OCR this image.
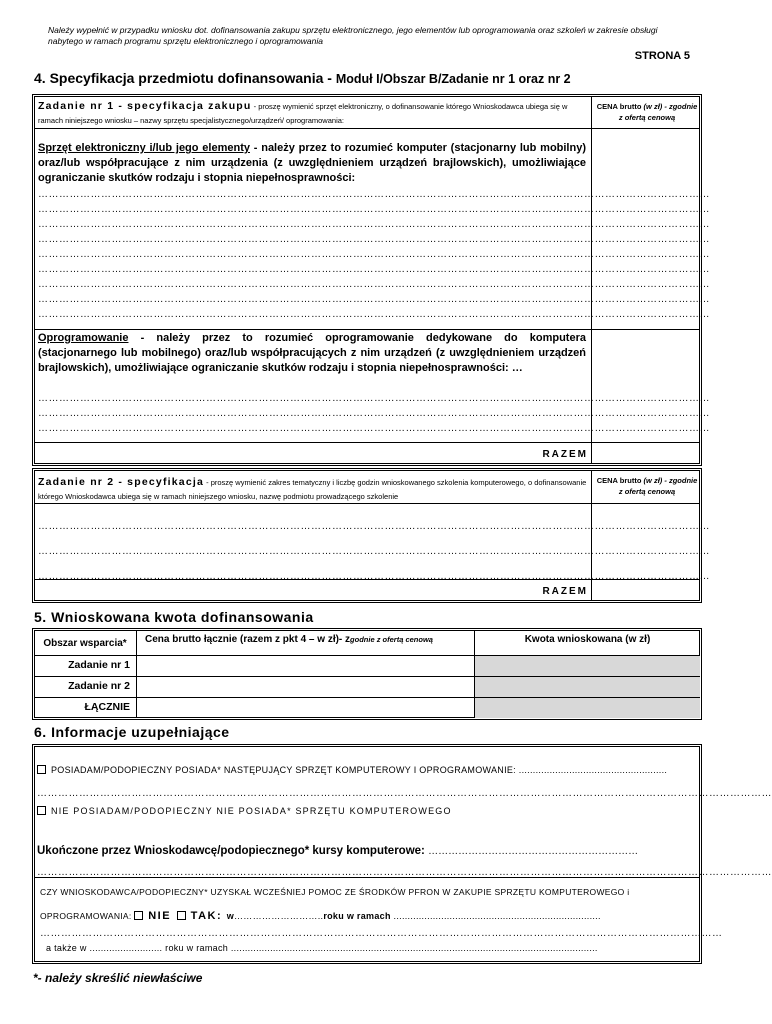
Należy wypełnić w przypadku wniosku dot. dofinansowania zakupu sprzętu elektronicznego, jego elementów lub oprogramowania oraz szkoleń w zakresie obsługi nabytego w ramach programu sprzętu elektronicznego i oprogramowania
STRONA 5
4. Specyfikacja przedmiotu dofinansowania - Moduł I/Obszar B/Zadanie nr 1 oraz nr 2
Zadanie nr 1 - specyfikacja zakupu - proszę wymienić sprzęt elektroniczny, o dofinansowanie którego Wnioskodawca ubiega się w ramach niniejszego wniosku – nazwy sprzętu specjalistycznego/urządzeń/ oprogramowania:
CENA brutto (w zł) - zgodnie z ofertą cenową
Sprzęt elektroniczny i/lub jego elementy - należy przez to rozumieć komputer (stacjonarny lub mobilny) oraz/lub współpracujące z nim urządzenia (z uwzględnieniem urządzeń brajlowskich), umożliwiające ograniczanie skutków rodzaju i stopnia niepełnosprawności:
…………………………………………………………………………………………………………………………………………………………………………
…………………………………………………………………………………………………………………………………………………………………………
…………………………………………………………………………………………………………………………………………………………………………
…………………………………………………………………………………………………………………………………………………………………………
…………………………………………………………………………………………………………………………………………………………………………
…………………………………………………………………………………………………………………………………………………………………………
…………………………………………………………………………………………………………………………………………………………………………
…………………………………………………………………………………………………………………………………………………………………………
…………………………………………………………………………………………………………………………………………………………………………
Oprogramowanie - należy przez to rozumieć oprogramowanie dedykowane do komputera (stacjonarnego lub mobilnego) oraz/lub współpracujących z nim urządzeń (z uwzględnieniem urządzeń brajlowskich), umożliwiające ograniczanie skutków rodzaju i stopnia niepełnosprawności: …
…………………………………………………………………………………………………………………………………………………………………………
…………………………………………………………………………………………………………………………………………………………………………
…………………………………………………………………………………………………………………………………………………………………………
RAZEM
Zadanie nr 2 - specyfikacja - proszę wymienić zakres tematyczny i liczbę godzin wnioskowanego szkolenia komputerowego, o dofinansowanie którego Wnioskodawca ubiega się w ramach niniejszego wniosku, nazwę podmiotu prowadzącego szkolenie
CENA brutto (w zł) - zgodnie z ofertą cenową
…………………………………………………………………………………………………………………………………………………………………………
…………………………………………………………………………………………………………………………………………………………………………
…………………………………………………………………………………………………………………………………………………………………………
RAZEM
5. Wnioskowana kwota dofinansowania
Obszar wsparcia*	Cena brutto łącznie (razem z pkt 4 – w zł)- zgodnie z ofertą cenową	Kwota wnioskowana (w zł)
Zadanie nr 1
Zadanie nr 2
ŁĄCZNIE
6. Informacje uzupełniające
POSIADAM/PODOPIECZNY POSIADA* NASTĘPUJĄCY SPRZĘT KOMPUTEROWY I OPROGRAMOWANIE: .....................................................
…………………………………………………………………………………………………………………………………………………………………………………………
NIE POSIADAM/PODOPIECZNY NIE POSIADA* SPRZĘTU KOMPUTEROWEGO
Ukończone przez Wnioskodawcę/podopiecznego* kursy komputerowe: ………………………………………………………
…………………………………………………………………………………………………………………………………………………………………………………………
CZY WNIOSKODAWCA/PODOPIECZNY* UZYSKAŁ WCZEŚNIEJ POMOC ZE ŚRODKÓW PFRON W ZAKUPIE SPRZĘTU KOMPUTEROWEGO i
OPROGRAMOWANIA: NIE TAK: w………………………..roku w ramach ..........................................................................
……………………………………………………………………………………………………………………………………………………………………………
a także w .......................... roku w ramach ...................................................................................................................................
*- należy skreślić niewłaściwe
